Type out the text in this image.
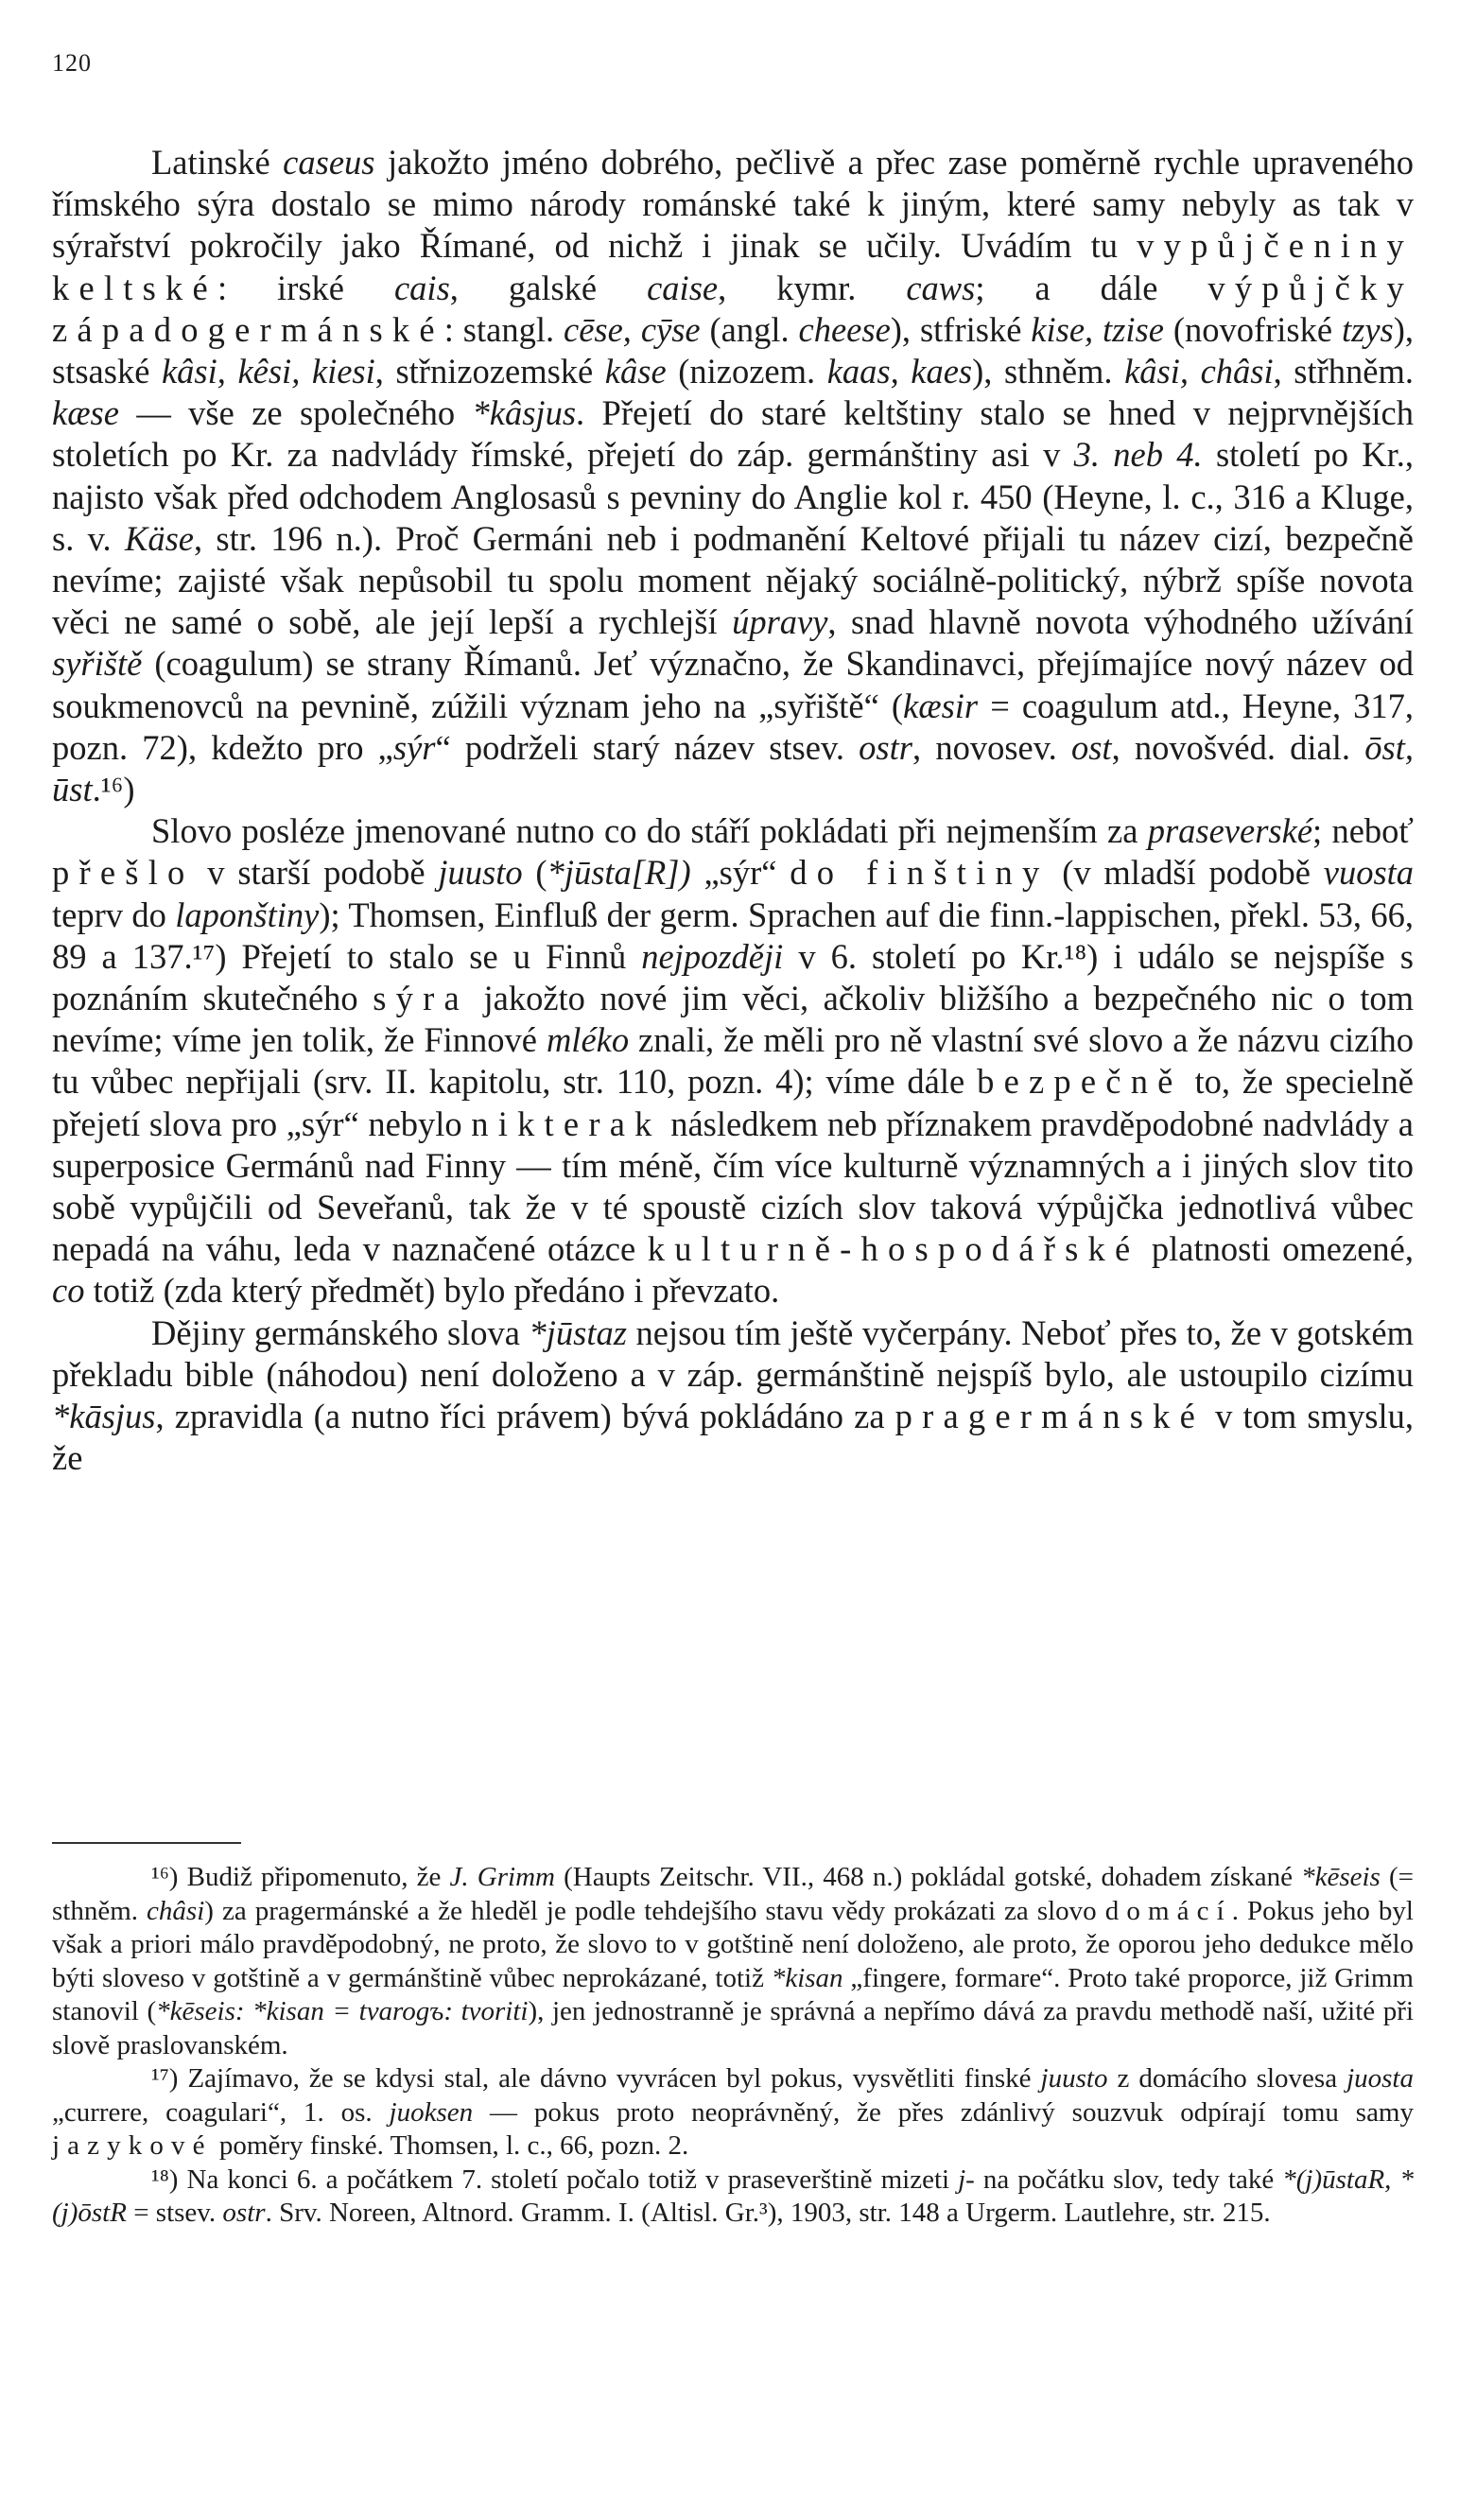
120

Latinské caseus jakožto jméno dobrého, pečlivě a přec zase poměrně rychle upraveného římského sýra dostalo se mimo národy románské také k jiným, které samy nebyly as tak v sýrařství pokročily jako Římané, od nichž i jinak se učily. Uvádím tu vypůjčeniny keltské: irské cais, galské caise, kymr. caws; a dále výpůjčky západogermánské: stangl. cēse, cӯse (angl. cheese), stfriské kise, tzise (novofriské tzys), stsaské kâsi, kêsi, kiesi, střnizozemské kâse (nizozem. kaas, kaes), sthněm. kâsi, châsi, střhněm. kæse — vše ze společného *kâsjus. Přejetí do staré keltštiny stalo se hned v nejprvnějších stoletích po Kr. za nadvlády římské, přejetí do záp. germánštiny asi v 3. neb 4. století po Kr., najisto však před odchodem Anglosasů s pevniny do Anglie kol r. 450 (Heyne, l. c., 316 a Kluge, s. v. Käse, str. 196 n.). Proč Germáni neb i podmanění Keltové přijali tu název cizí, bezpečně nevíme; zajisté však nepůsobil tu spolu moment nějaký sociálně-politický, nýbrž spíše novota věci ne samé o sobě, ale její lepší a rychlejší úpravy, snad hlavně novota výhodného užívání syřiště (coagulum) se strany Římanů. Jeť význačno, že Skandinavci, přejímajíce nový název od soukmenovců na pevnině, zúžili význam jeho na „syřiště“ (kæsir = coagulum atd., Heyne, 317, pozn. 72), kdežto pro „sýr“ podrželi starý název stsev. ostr, novosev. ost, novošvéd. dial. ōst, ūst.¹⁶)

Slovo posléze jmenované nutno co do stáří pokládati při nejmenším za praseverské; neboť přešlo v starší podobě juusto (*jūsta[R]) „sýr“ do finštiny (v mladší podobě vuosta teprv do laponštiny); Thomsen, Einfluß der germ. Sprachen auf die finn.-lappischen, překl. 53, 66, 89 a 137.¹⁷) Přejetí to stalo se u Finnů nejpozději v 6. století po Kr.¹⁸) i událo se nejspíše s poznáním skutečného sýra jakožto nové jim věci, ačkoliv bližšího a bezpečného nic o tom nevíme; víme jen tolik, že Finnové mléko znali, že měli pro ně vlastní své slovo a že názvu cizího tu vůbec nepřijali (srv. II. kapitolu, str. 110, pozn. 4); víme dále bezpečně to, že specielně přejetí slova pro „sýr“ nebylo nikterak následkem neb příznakem pravděpodobné nadvlády a superposice Germánů nad Finny — tím méně, čím více kulturně významných a i jiných slov tito sobě vypůjčili od Seveřanů, tak že v té spoustě cizích slov taková výpůjčka jednotlivá vůbec nepadá na váhu, leda v naznačené otázce kulturně-hospodářské platnosti omezené, co totiž (zda který předmět) bylo předáno i převzato.

Dějiny germánského slova *jūstaz nejsou tím ještě vyčerpány. Neboť přes to, že v gotském překladu bible (náhodou) není doloženo a v záp. germánštině nejspíš bylo, ale ustoupilo cizímu *kāsjus, zpravidla (a nutno říci právem) bývá pokládáno za pragermánské v tom smyslu, že

¹⁶) Budiž připomenuto, že J. Grimm (Haupts Zeitschr. VII., 468 n.) pokládal gotské, dohadem získané *kēseis (= sthněm. châsi) za pragermánské a že hleděl je podle tehdejšího stavu vědy prokázati za slovo domácí. Pokus jeho byl však a priori málo pravděpodobný, ne proto, že slovo to v gotštině není doloženo, ale proto, že oporou jeho dedukce mělo býti sloveso v gotštině a v germánštině vůbec neprokázané, totiž *kisan „fingere, formare“. Proto také proporce, již Grimm stanovil (*kēseis: *kisan = tvarogъ: tvoriti), jen jednostranně je správná a nepřímo dává za pravdu methodě naší, užité při slově praslovanském.

¹⁷) Zajímavo, že se kdysi stal, ale dávno vyvrácen byl pokus, vysvětliti finské juusto z domácího slovesa juosta „currere, coagulari“, 1. os. juoksen — pokus proto neoprávněný, že přes zdánlivý souzvuk odpírají tomu samy jazykové poměry finské. Thomsen, l. c., 66, pozn. 2.

¹⁸) Na konci 6. a počátkem 7. století počalo totiž v praseverštině mizeti j- na počátku slov, tedy také *(j)ūstaR, *(j)ōstR = stsev. ostr. Srv. Noreen, Altnord. Gramm. I. (Altisl. Gr.³), 1903, str. 148 a Urgerm. Lautlehre, str. 215.
